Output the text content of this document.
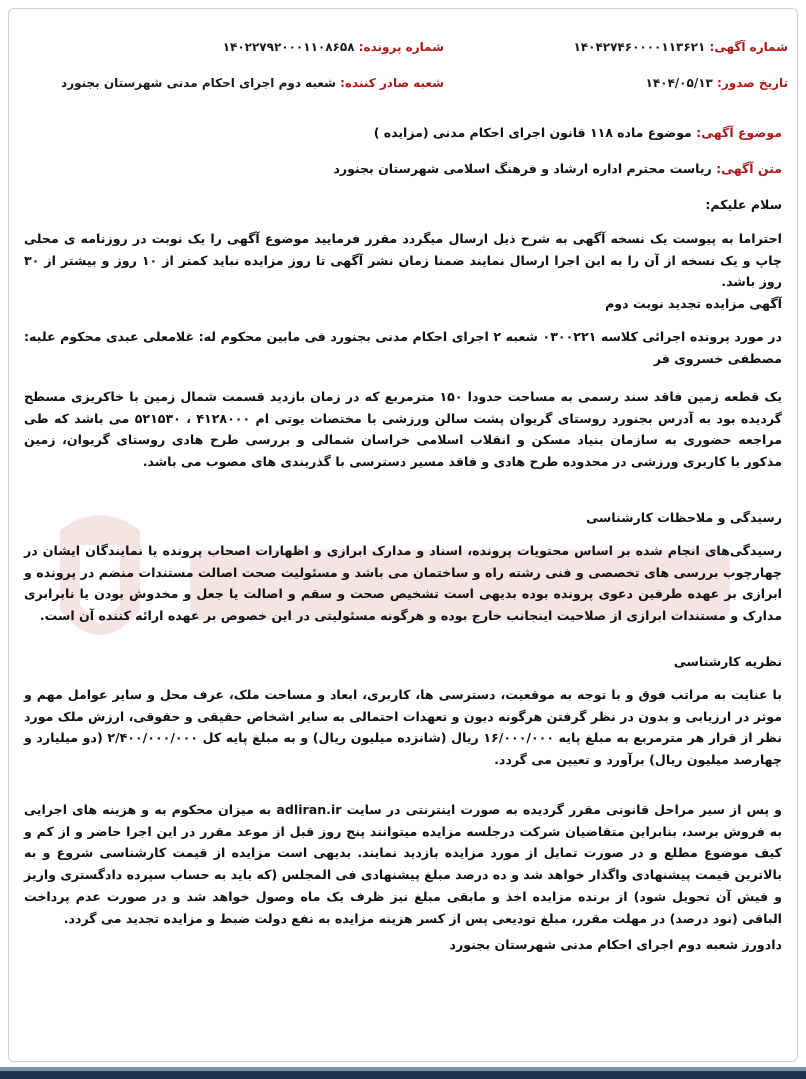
شماره آگهی: ۱۴۰۴۲۷۴۶۰۰۰۰۱۱۳۶۲۱
شماره پرونده: ۱۴۰۲۲۷۹۲۰۰۰۱۱۰۸۶۵۸
تاریخ صدور: ۱۴۰۴/۰۵/۱۳
شعبه صادر کننده: شعبه دوم اجرای احکام مدنی شهرستان بجنورد
موضوع آگهی: موضوع ماده ۱۱۸ قانون اجرای احکام مدنی (مزایده )
متن آگهی: ریاست محترم اداره ارشاد و فرهنگ اسلامی شهرستان بجنورد
سلام علیکم:
احتراما به پیوست یک نسخه آگهی به شرح ذیل ارسال میگردد مقرر فرمایید موضوع آگهی را یک نوبت در روزنامه ی محلی چاپ و یک نسخه از آن را به این اجرا ارسال نمایند ضمنا زمان نشر آگهی تا روز مزایده نباید کمتر از ۱۰ روز و بیشتر از ۳۰ روز باشد.
آگهی مزایده تجدید نوبت دوم
در مورد پرونده اجرائی کلاسه ۰۳۰۰۲۲۱ شعبه ۲ اجرای احکام مدنی بجنورد فی مابین محکوم له: غلامعلی عبدی محکوم علیه: مصطفی خسروی فر
یک قطعه زمین فاقد سند رسمی به مساحت حدودا ۱۵۰ مترمربع که در زمان بازدید قسمت شمال زمین با خاکریزی مسطح گردیده بود به آدرس بجنورد روستای گریوان پشت سالن ورزشی با مختصات یوتی ام ۴۱۲۸۰۰۰ ، ۵۲۱۵۳۰ می باشد که طی مراجعه حضوری به سازمان بنیاد مسکن و انقلاب اسلامی خراسان شمالی و بررسی طرح هادی روستای گریوان، زمین مذکور با کاربری ورزشی در محدوده طرح هادی و فاقد مسیر دسترسی با گذربندی های مصوب می باشد.
رسیدگی و ملاحظات کارشناسی
رسیدگی‌های انجام شده بر اساس محتویات پرونده، اسناد و مدارک ابرازی و اظهارات اصحاب پرونده یا نمایندگان ایشان در چهارچوب بررسی های تخصصی و فنی رشته راه و ساختمان می باشد و مسئولیت صحت اصالت مستندات منضم در پرونده و ابرازی بر عهده طرفین دعوی پرونده بوده بدیهی است تشخیص صحت و سقم و اصالت یا جعل و مخدوش بودن یا نابرابری مدارک و مستندات ابرازی از صلاحیت اینجانب خارج بوده و هرگونه مسئولیتی در این خصوص بر عهده ارائه کننده آن است.
نظریه کارشناسی
با عنایت به مراتب فوق و با توجه به موقعیت، دسترسی ها، کاربری، ابعاد و مساحت ملک، عرف محل و سایر عوامل مهم و موثر در ارزیابی و بدون در نظر گرفتن هرگونه دیون و تعهدات احتمالی به سایر اشخاص حقیقی و حقوقی، ارزش ملک مورد نظر از قرار هر مترمربع به مبلغ پایه ۱۶/۰۰۰/۰۰۰ ریال (شانزده میلیون ریال) و به مبلغ پایه کل ۲/۴۰۰/۰۰۰/۰۰۰ (دو میلیارد و چهارصد میلیون ریال) برآورد و تعیین می گردد.
و پس از سیر مراحل قانونی مقرر گردیده به صورت اینترنتی در سایت adliran.ir به میزان محکوم به و هزینه های اجرایی به فروش برسد، بنابراین متقاضیان شرکت درجلسه مزایده میتوانند پنج روز قبل از موعد مقرر در این اجرا حاضر و از کم و کیف موضوع مطلع و در صورت تمایل از مورد مزایده بازدید نمایند. بدیهی است مزایده از قیمت کارشناسی شروع و به بالاترین قیمت پیشنهادی واگذار خواهد شد و ده درصد مبلغ پیشنهادی فی المجلس (که باید به حساب سپرده دادگستری واریز و فیش آن تحویل شود) از برنده مزایده اخذ و مابقی مبلغ نیز ظرف یک ماه وصول خواهد شد و در صورت عدم پرداخت الباقی (نود درصد) در مهلت مقرر، مبلغ تودیعی پس از کسر هزینه مزایده به نفع دولت ضبط و مزایده تجدید می گردد.
دادورز شعبه دوم اجرای احکام مدنی شهرستان بجنورد
